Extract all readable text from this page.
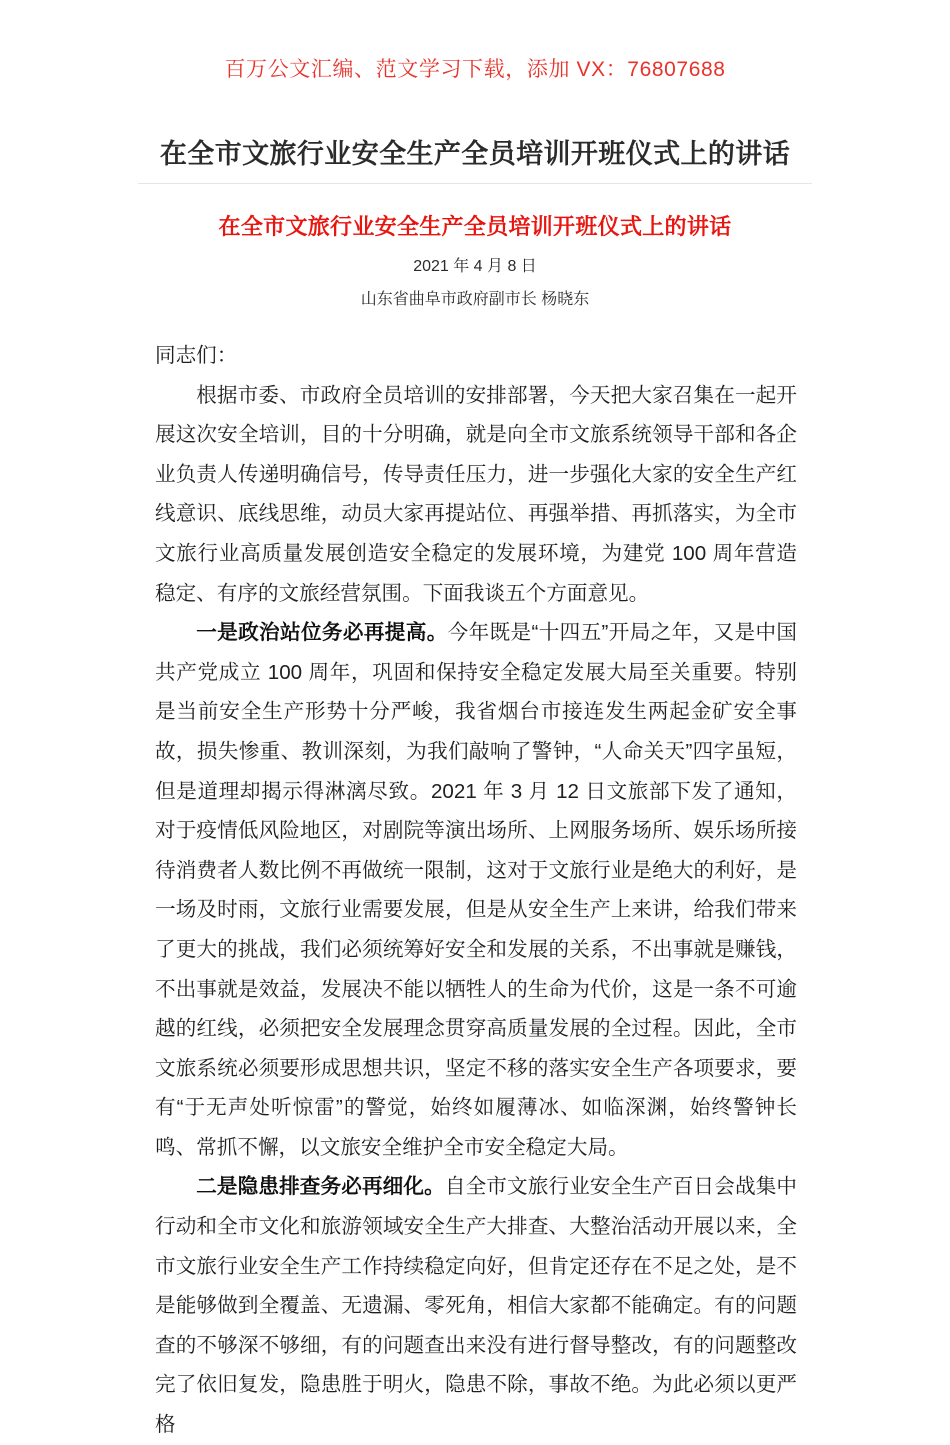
百万公文汇编、范文学习下载，添加 VX：76807688
在全市文旅行业安全生产全员培训开班仪式上的讲话
在全市文旅行业安全生产全员培训开班仪式上的讲话
2021 年 4 月 8 日
山东省曲阜市政府副市长 杨晓东

同志们：

根据市委、市政府全员培训的安排部署，今天把大家召集在一起开展这次安全培训，目的十分明确，就是向全市文旅系统领导干部和各企业负责人传递明确信号，传导责任压力，进一步强化大家的安全生产红线意识、底线思维，动员大家再提站位、再强举措、再抓落实，为全市文旅行业高质量发展创造安全稳定的发展环境，为建党 100 周年营造稳定、有序的文旅经营氛围。下面我谈五个方面意见。

一是政治站位务必再提高。今年既是“十四五”开局之年，又是中国共产党成立 100 周年，巩固和保持安全稳定发展大局至关重要。特别是当前安全生产形势十分严峻，我省烟台市接连发生两起金矿安全事故，损失惨重、教训深刻，为我们敲响了警钟，“人命关天”四字虽短，但是道理却揭示得淋漓尽致。2021 年 3 月 12 日文旅部下发了通知，对于疫情低风险地区，对剧院等演出场所、上网服务场所、娱乐场所接待消费者人数比例不再做统一限制，这对于文旅行业是绝大的利好，是一场及时雨，文旅行业需要发展，但是从安全生产上来讲，给我们带来了更大的挑战，我们必须统筹好安全和发展的关系，不出事就是赚钱，不出事就是效益，发展决不能以牺牲人的生命为代价，这是一条不可逾越的红线，必须把安全发展理念贯穿高质量发展的全过程。因此，全市文旅系统必须要形成思想共识，坚定不移的落实安全生产各项要求，要有“于无声处听惊雷”的警觉，始终如履薄冰、如临深渊，始终警钟长鸣、常抓不懈，以文旅安全维护全市安全稳定大局。

二是隐患排查务必再细化。自全市文旅行业安全生产百日会战集中行动和全市文化和旅游领域安全生产大排查、大整治活动开展以来，全市文旅行业安全生产工作持续稳定向好，但肯定还存在不足之处，是不是能够做到全覆盖、无遗漏、零死角，相信大家都不能确定。有的问题查的不够深不够细，有的问题查出来没有进行督导整改，有的问题整改完了依旧复发，隐患胜于明火，隐患不除，事故不绝。为此必须以更严格
